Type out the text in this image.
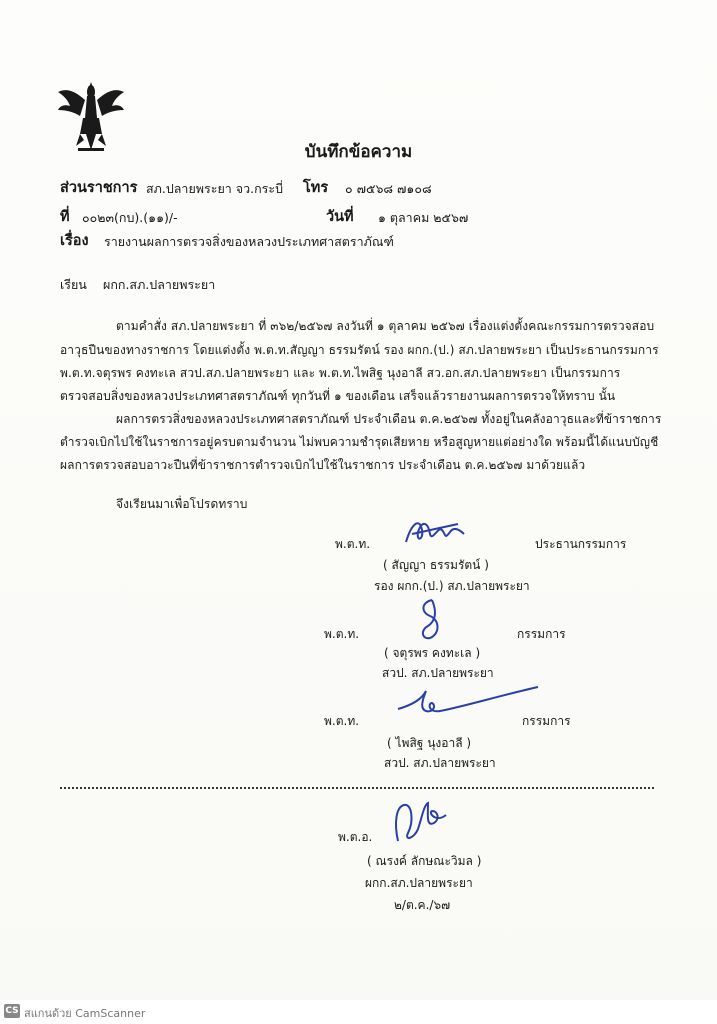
บันทึกข้อความ
ส่วนราชการ สภ.ปลายพระยา จว.กระบี่ โทร ๐ ๗๕๖๘ ๗๑๐๘
ที่ ๐๐๒๓(กบ).(๑๑)/-	วันที่ ๑ ตุลาคม ๒๕๖๗
เรื่อง รายงานผลการตรวจสิ่งของหลวงประเภทศาสตราภัณฑ์
เรียน ผกก.สภ.ปลายพระยา
ตามคำสั่ง สภ.ปลายพระยา ที่ ๓๖๒/๒๕๖๗ ลงวันที่ ๑ ตุลาคม ๒๕๖๗ เรื่องแต่งตั้งคณะกรรมการตรวจสอบ
อาวุธปืนของทางราชการ โดยแต่งตั้ง พ.ต.ท.สัญญา ธรรมรัตน์ รอง ผกก.(ป.) สภ.ปลายพระยา เป็นประธานกรรมการ
พ.ต.ท.จตุรพร คงทะเล สวป.สภ.ปลายพระยา และ พ.ต.ท.ไพสิฐ นุงอาลี สว.อก.สภ.ปลายพระยา เป็นกรรมการ
ตรวจสอบสิ่งของหลวงประเภทศาสตราภัณฑ์ ทุกวันที่ ๑ ของเดือน เสร็จแล้วรายงานผลการตรวจให้ทราบ นั้น
ผลการตรวสิ่งของหลวงประเภทศาสตราภัณฑ์ ประจำเดือน ต.ค.๒๕๖๗ ทั้งอยู่ในคลังอาวุธและที่ข้าราชการ
ตำรวจเบิกไปใช้ในราชการอยู่ครบตามจำนวน ไม่พบความชำรุดเสียหาย หรือสูญหายแต่อย่างใด พร้อมนี้ได้แนบบัญชี
ผลการตรวจสอบอาวะปืนที่ข้าราชการตำรวจเบิกไปใช้ในราชการ ประจำเดือน ต.ค.๒๕๖๗ มาด้วยแล้ว
จึงเรียนมาเพื่อโปรดทราบ
พ.ต.ท.	ประธานกรรมการ
( สัญญา ธรรมรัตน์ )
รอง ผกก.(ป.) สภ.ปลายพระยา
พ.ต.ท.	กรรมการ
( จตุรพร คงทะเล )
สวป. สภ.ปลายพระยา
พ.ต.ท.	กรรมการ
( ไพสิฐ นุงอาลี )
สวป. สภ.ปลายพระยา
พ.ต.อ.
( ณรงค์ ลักษณะวิมล )
ผกก.สภ.ปลายพระยา
๒/ต.ค./๖๗
CS สแกนด้วย CamScanner
